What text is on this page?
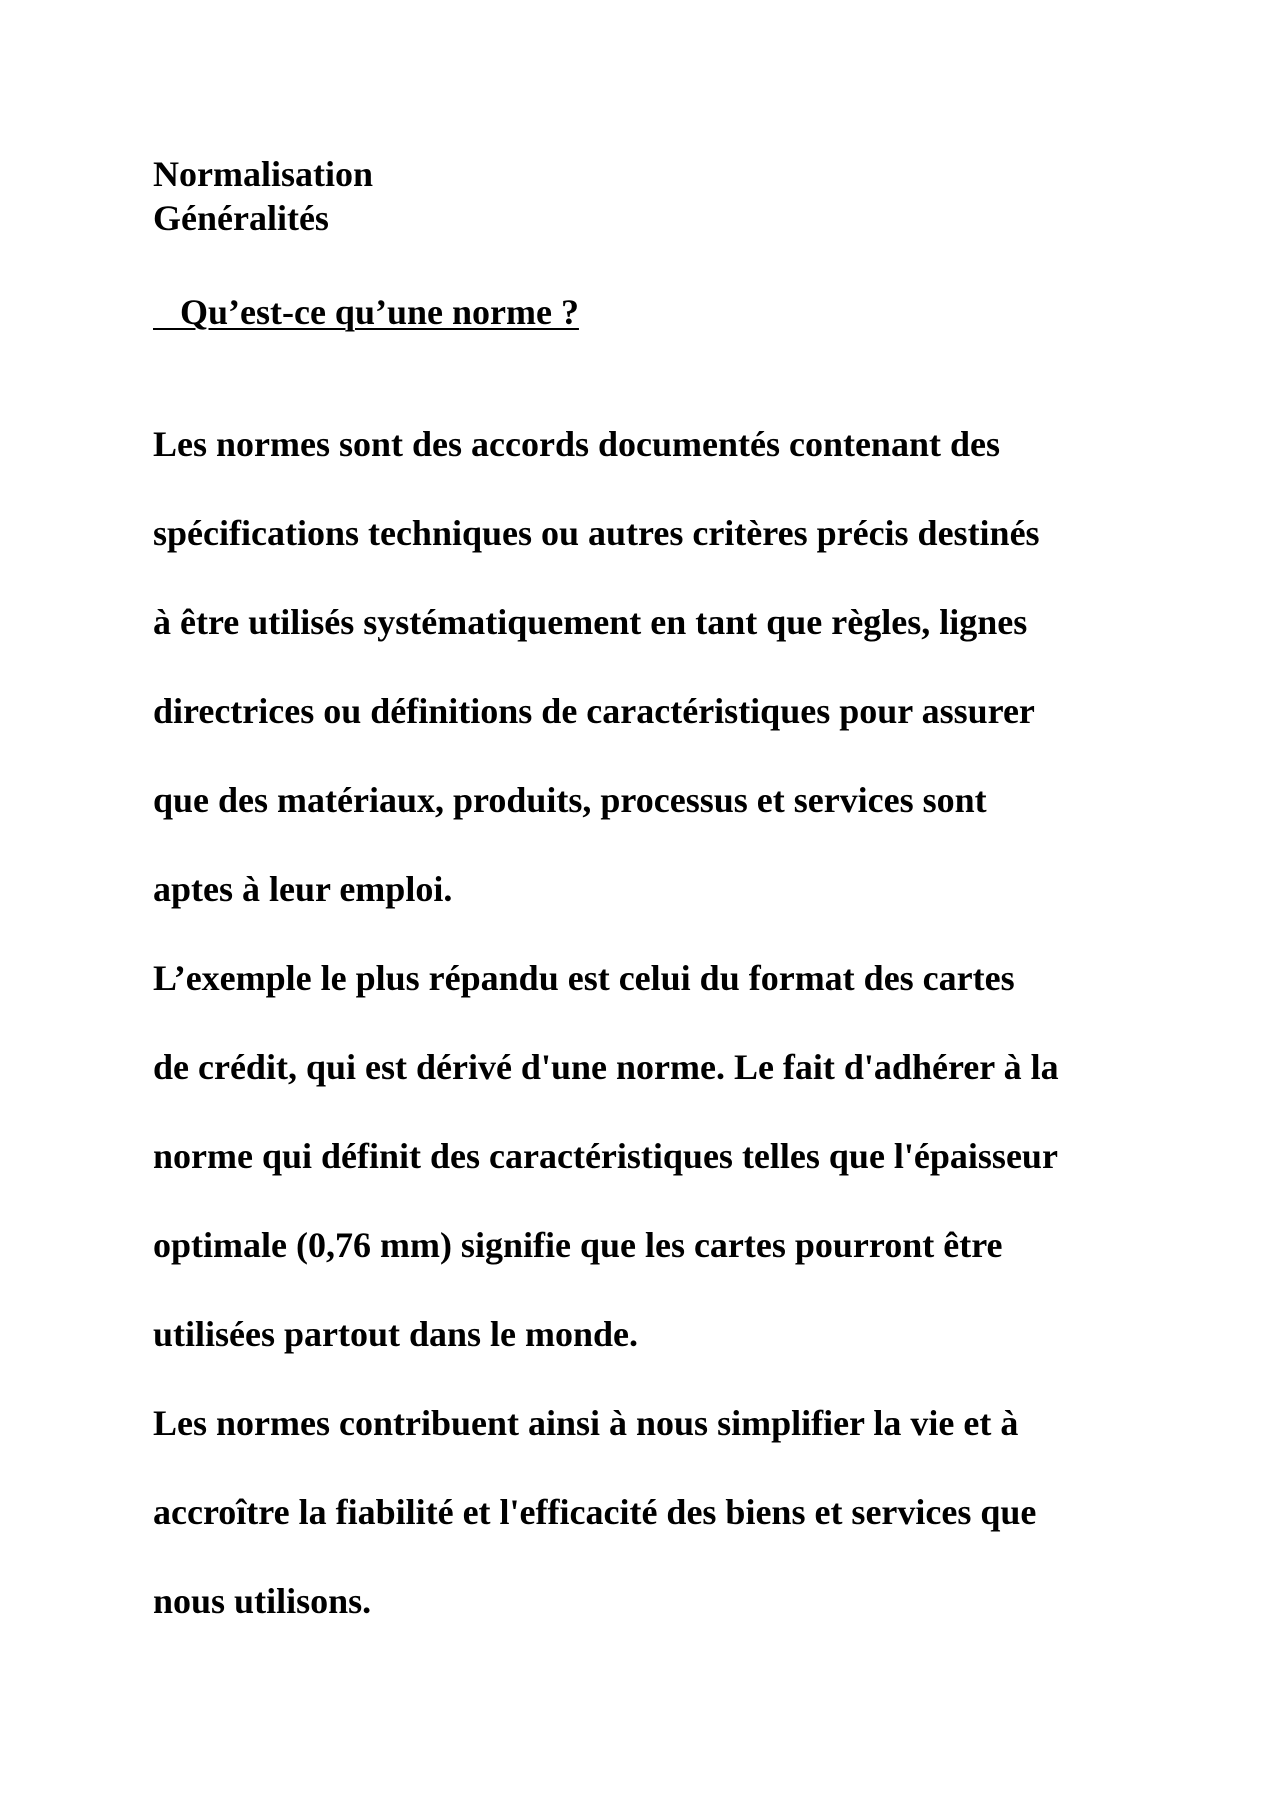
Normalisation
Généralités
Qu’est-ce qu’une norme ?
Les normes sont des accords documentés contenant des
spécifications techniques ou autres critères précis destinés
à être utilisés systématiquement en tant que règles, lignes
directrices ou définitions de caractéristiques pour assurer
que des matériaux, produits, processus et services sont
aptes à leur emploi.
L’exemple le plus répandu est celui du format des cartes
de crédit, qui est dérivé d'une norme. Le fait d'adhérer à la
norme qui définit des caractéristiques telles que l'épaisseur
optimale (0,76 mm) signifie que les cartes pourront être
utilisées partout dans le monde.
Les normes contribuent ainsi à nous simplifier la vie et à
accroître la fiabilité et l'efficacité des biens et services que
nous utilisons.
